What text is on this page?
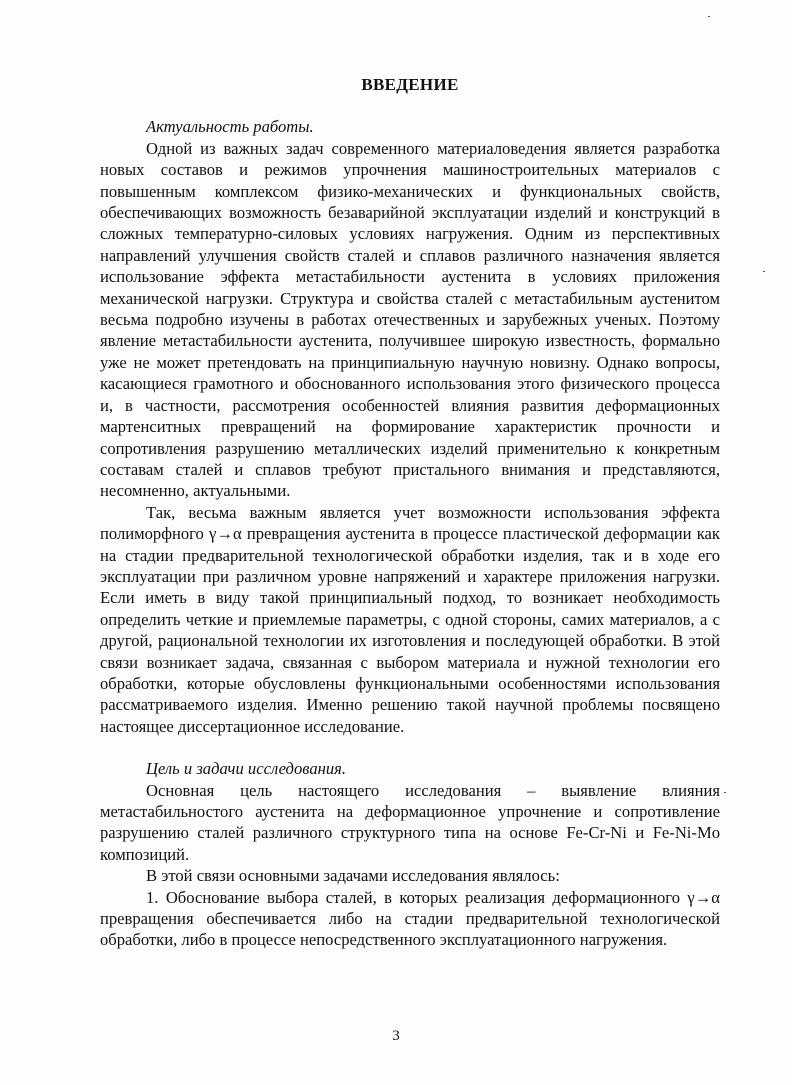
ВВЕДЕНИЕ

Актуальность работы.

Одной из важных задач современного материаловедения является разработка новых составов и режимов упрочнения машиностроительных материалов с повышенным комплексом физико-механических и функциональных свойств, обеспечивающих возможность безаварийной эксплуатации изделий и конструкций в сложных температурно-силовых условиях нагружения. Одним из перспективных направлений улучшения свойств сталей и сплавов различного назначения является использование эффекта метастабильности аустенита в условиях приложения механической нагрузки. Структура и свойства сталей с метастабильным аустенитом весьма подробно изучены в работах отечественных и зарубежных ученых. Поэтому явление метастабильности аустенита, получившее широкую известность, формально уже не может претендовать на принципиальную научную новизну. Однако вопросы, касающиеся грамотного и обоснованного использования этого физического процесса и, в частности, рассмотрения особенностей влияния развития деформационных мартенситных превращений на формирование характеристик прочности и сопротивления разрушению металлических изделий применительно к конкретным составам сталей и сплавов требуют пристального внимания и представляются, несомненно, актуальными.

Так, весьма важным является учет возможности использования эффекта полиморфного γ→α превращения аустенита в процессе пластической деформации как на стадии предварительной технологической обработки изделия, так и в ходе его эксплуатации при различном уровне напряжений и характере приложения нагрузки. Если иметь в виду такой принципиальный подход, то возникает необходимость определить четкие и приемлемые параметры, с одной стороны, самих материалов, а с другой, рациональной технологии их изготовления и последующей обработки. В этой связи возникает задача, связанная с выбором материала и нужной технологии его обработки, которые обусловлены функциональными особенностями использования рассматриваемого изделия. Именно решению такой научной проблемы посвящено настоящее диссертационное исследование.

Цель и задачи исследования.

Основная цель настоящего исследования – выявление влияния метастабильностого аустенита на деформационное упрочнение и сопротивление разрушению сталей различного структурного типа на основе Fe-Cr-Ni и Fe-Ni-Mo композиций.

В этой связи основными задачами исследования являлось:

1. Обоснование выбора сталей, в которых реализация деформационного γ→α превращения обеспечивается либо на стадии предварительной технологической обработки, либо в процессе непосредственного эксплуатационного нагружения.

3
